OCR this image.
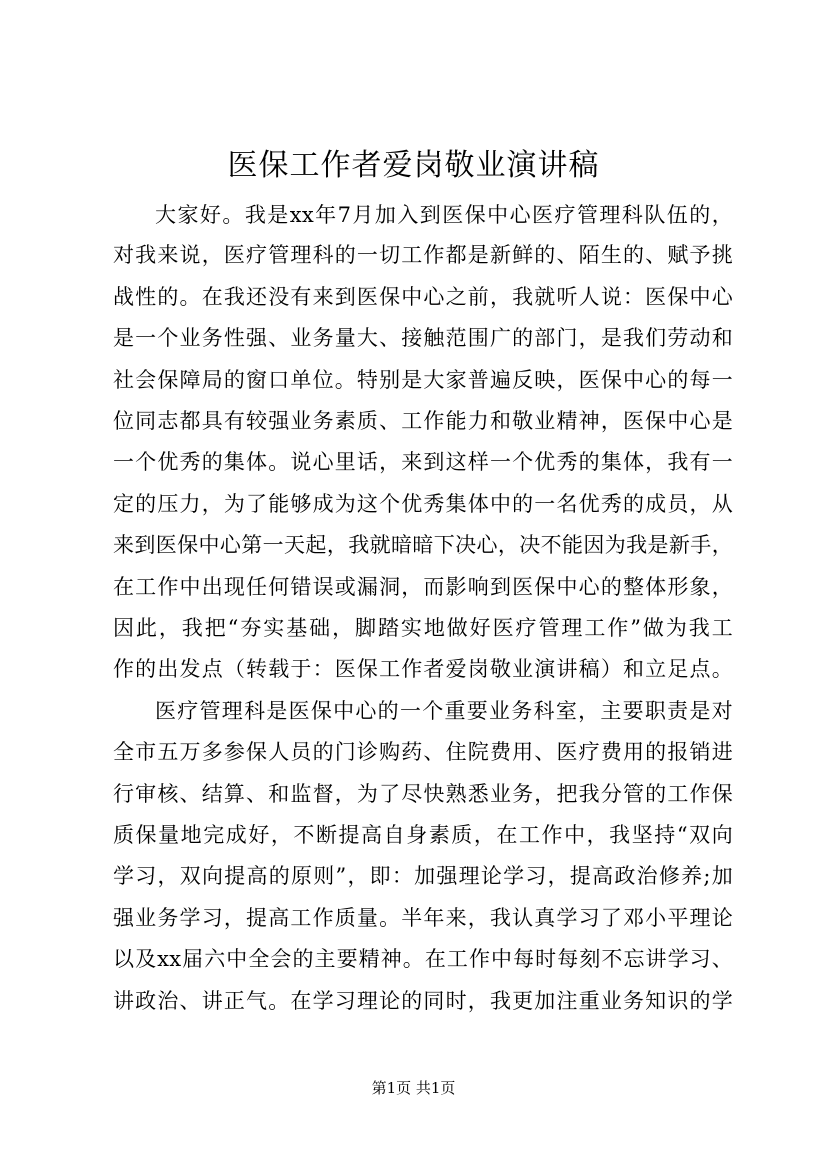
医保工作者爱岗敬业演讲稿
大家好。我是xx年7月加入到医保中心医疗管理科队伍的，
对我来说，医疗管理科的一切工作都是新鲜的、陌生的、赋予挑
战性的。在我还没有来到医保中心之前，我就听人说：医保中心
是一个业务性强、业务量大、接触范围广的部门，是我们劳动和
社会保障局的窗口单位。特别是大家普遍反映，医保中心的每一
位同志都具有较强业务素质、工作能力和敬业精神，医保中心是
一个优秀的集体。说心里话，来到这样一个优秀的集体，我有一
定的压力，为了能够成为这个优秀集体中的一名优秀的成员，从
来到医保中心第一天起，我就暗暗下决心，决不能因为我是新手，
在工作中出现任何错误或漏洞，而影响到医保中心的整体形象，
因此，我把“夯实基础，脚踏实地做好医疗管理工作”做为我工
作的出发点（转载于：医保工作者爱岗敬业演讲稿）和立足点。
医疗管理科是医保中心的一个重要业务科室，主要职责是对
全市五万多参保人员的门诊购药、住院费用、医疗费用的报销进
行审核、结算、和监督，为了尽快熟悉业务，把我分管的工作保
质保量地完成好，不断提高自身素质，在工作中，我坚持“双向
学习，双向提高的原则”，即：加强理论学习，提高政治修养;加
强业务学习，提高工作质量。半年来，我认真学习了邓小平理论
以及xx届六中全会的主要精神。在工作中每时每刻不忘讲学习、
讲政治、讲正气。在学习理论的同时，我更加注重业务知识的学
第1页 共1页
